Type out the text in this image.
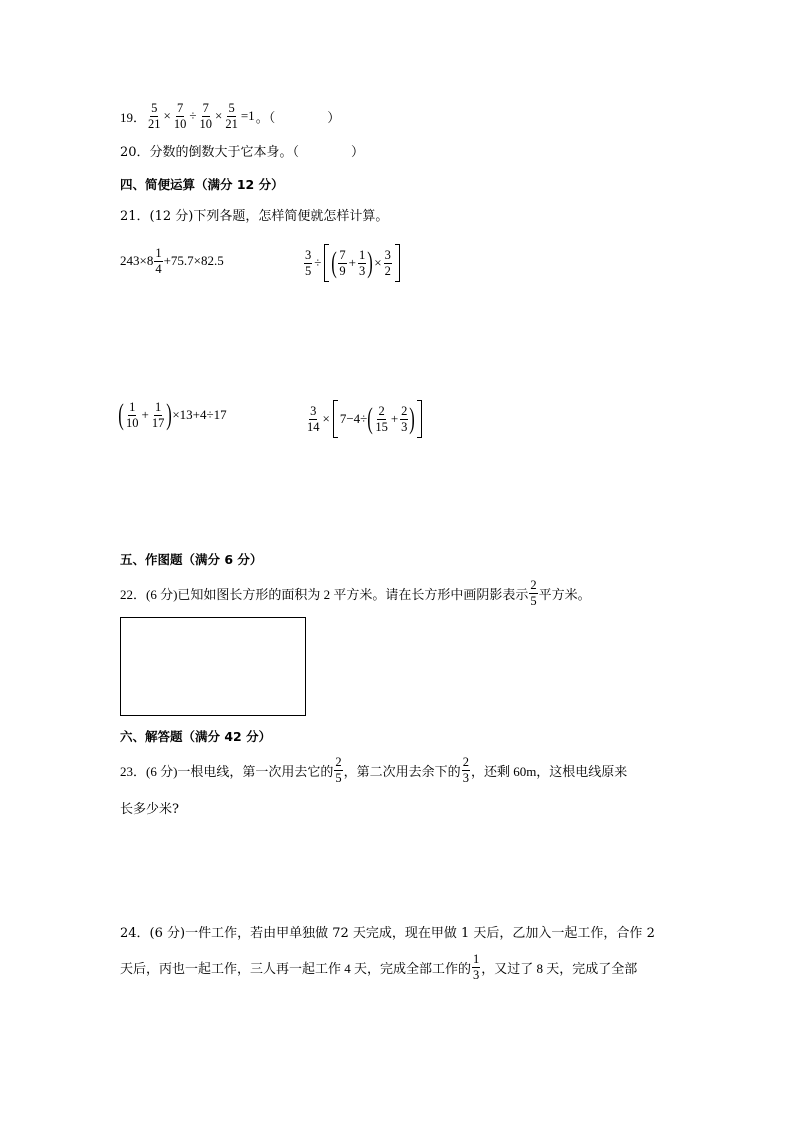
19． $\frac{5}{21} \times \frac{7}{10} \div \frac{7}{10} \times \frac{5}{21} =1$ 。（　　　　）
20．分数的倒数大于它本身。（　　　　）
四、简便运算（满分 12 分）
21．(12 分)下列各题，怎样简便就怎样计算。
$243\times 8 \frac{1}{4} +75.7\times 82.5$	$\frac{3}{5}$ ÷ ( $\frac{7}{9} + \frac{1}{3}$ ) × $\frac{3}{2}$
( $\frac{1}{10} + \frac{1}{17}$ ) ×13+4÷17	$\frac{3}{14} \times 7-4\div$ ( $\frac{2}{15} + \frac{2}{3}$ )
五、作图题（满分 6 分）
22．(6 分)已知如图长方形的面积为 2 平方米。请在长方形中画阴影表示 $\frac{2}{5}$ 平方米。
六、解答题（满分 42 分）
23．(6 分)一根电线，第一次用去它的 $\frac{2}{5}$ ，第二次用去余下的 $\frac{2}{3}$ ，还剩 60m，这根电线原来
长多少米?
24．(6 分)一件工作，若由甲单独做 72 天完成，现在甲做 1 天后，乙加入一起工作，合作 2
天后，丙也一起工作，三人再一起工作 4 天，完成全部工作的 $\frac{1}{3}$ ，又过了 8 天，完成了全部
